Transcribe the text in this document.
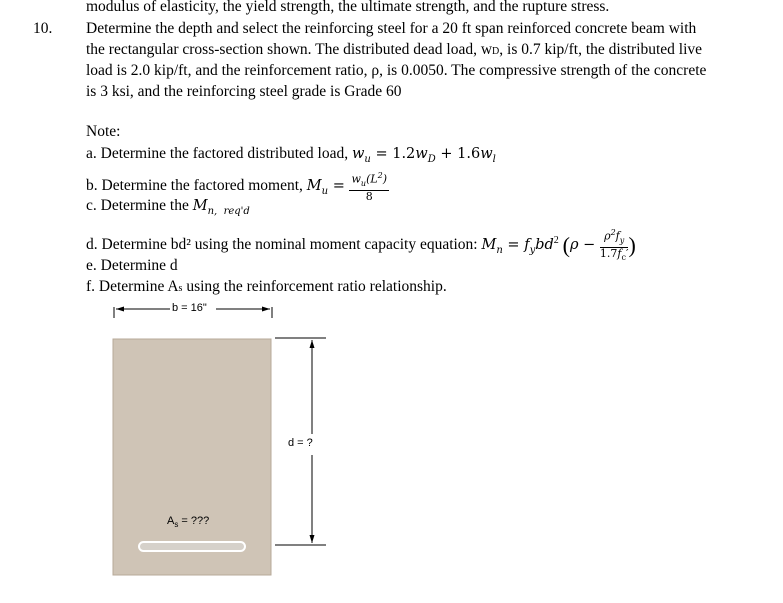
10.
modulus of elasticity, the yield strength, the ultimate strength, and the rupture stress.
Determine the depth and select the reinforcing steel for a 20 ft span reinforced concrete beam with
the rectangular cross-section shown. The distributed dead load, wD, is 0.7 kip/ft, the distributed live
load is 2.0 kip/ft, and the reinforcement ratio, ρ, is 0.0050. The compressive strength of the concrete
is 3 ksi, and the reinforcing steel grade is Grade 60
Note:
a. Determine the factored distributed load, $w_u = 1.2w_D + 1.6w_l$
b. Determine the factored moment, $M_u = \frac{w_u(L^2)}{8}$
c. Determine the $M_{n, req'd}$
d. Determine bd² using the nominal moment capacity equation: $M_n = f_ybd^2$ ($\rho - \frac{\rho^2f_y}{1.7f_c'}$ )
e. Determine d
f. Determine As using the reinforcement ratio relationship.
b = 16"
d = ?
$A_s$ = ???
